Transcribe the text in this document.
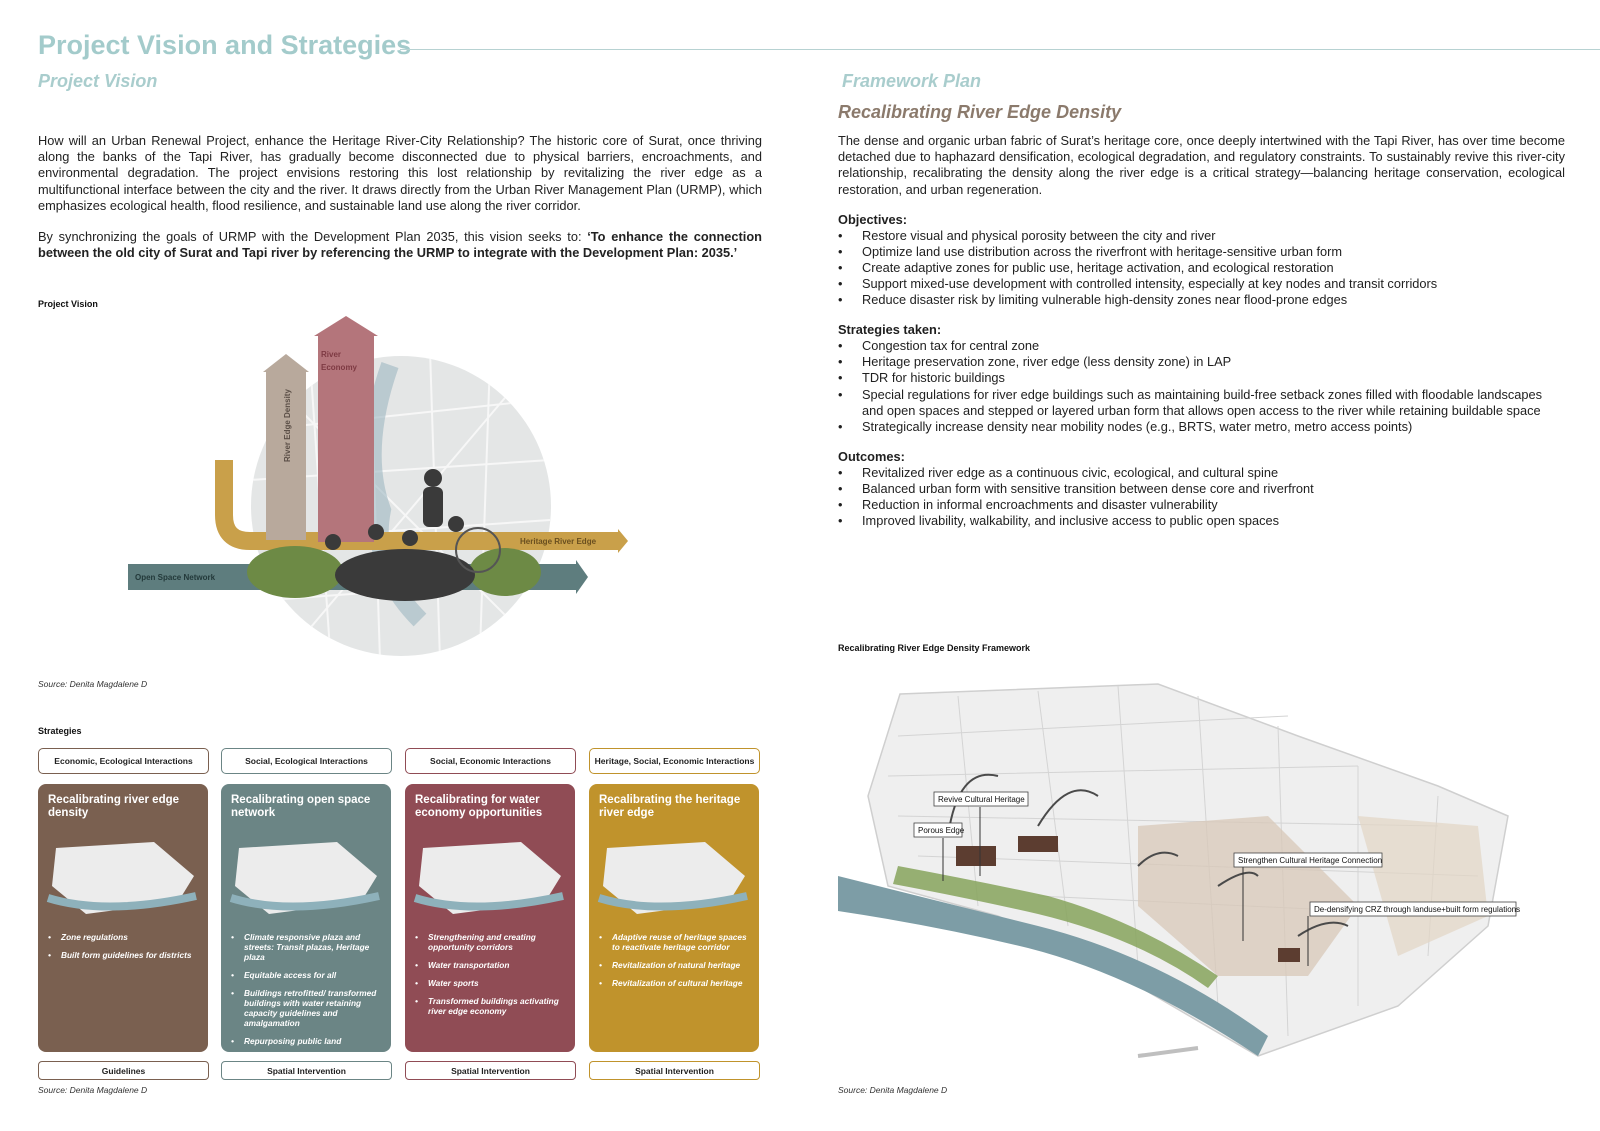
Project Vision and Strategies
Project Vision
How will an Urban Renewal Project, enhance the Heritage River-City Relationship? The historic core of Surat, once thriving along the banks of the Tapi River, has gradually become disconnected due to physical barriers, encroachments, and environmental degradation. The project envisions restoring this lost relationship by revitalizing the river edge as a multifunctional interface between the city and the river. It draws directly from the Urban River Management Plan (URMP), which emphasizes ecological health, flood resilience, and sustainable land use along the river corridor.
By synchronizing the goals of URMP with the Development Plan 2035, this vision seeks to: ‘To enhance the connection between the old city of Surat and Tapi river by referencing the URMP to integrate with the Development Plan: 2035.’
Project Vision
River Edge Density
River
Economy
Heritage River Edge
Open Space Network
Source: Denita Magdalene D
Strategies
Economic, Ecological Interactions	Social, Ecological Interactions	Social, Economic Interactions	Heritage, Social, Economic Interactions
Recalibrating river edge density
• Zone regulations
• Built form guidelines for districts
Recalibrating open space network
• Climate responsive plaza and streets: Transit plazas, Heritage plaza
• Equitable access for all
• Buildings retrofitted/ transformed buildings with water retaining capacity guidelines and amalgamation
• Repurposing public land
Recalibrating for water economy opportunities
• Strengthening and creating opportunity corridors
• Water transportation
• Water sports
• Transformed buildings activating river edge economy
Recalibrating the heritage river edge
• Adaptive reuse of heritage spaces to reactivate heritage corridor
• Revitalization of natural heritage
• Revitalization of cultural heritage
Guidelines	Spatial Intervention	Spatial Intervention	Spatial Intervention
Source: Denita Magdalene D
Framework Plan
Recalibrating River Edge Density
The dense and organic urban fabric of Surat’s heritage core, once deeply intertwined with the Tapi River, has over time become detached due to haphazard densification, ecological degradation, and regulatory constraints. To sustainably revive this river-city relationship, recalibrating the density along the river edge is a critical strategy—balancing heritage conservation, ecological restoration, and urban regeneration.
Objectives:
• Restore visual and physical porosity between the city and river
• Optimize land use distribution across the riverfront with heritage-sensitive urban form
• Create adaptive zones for public use, heritage activation, and ecological restoration
• Support mixed-use development with controlled intensity, especially at key nodes and transit corridors
• Reduce disaster risk by limiting vulnerable high-density zones near flood-prone edges
Strategies taken:
• Congestion tax for central zone
• Heritage preservation zone, river edge (less density zone) in LAP
• TDR for historic buildings
• Special regulations for river edge buildings such as maintaining build-free setback zones filled with floodable landscapes and open spaces and stepped or layered urban form that allows open access to the river while retaining buildable space
• Strategically increase density near mobility nodes (e.g., BRTS, water metro, metro access points)
Outcomes:
• Revitalized river edge as a continuous civic, ecological, and cultural spine
• Balanced urban form with sensitive transition between dense core and riverfront
• Reduction in informal encroachments and disaster vulnerability
• Improved livability, walkability, and inclusive access to public open spaces
Recalibrating River Edge Density Framework
Revive Cultural Heritage
Porous Edge
Strengthen Cultural Heritage Connection
De-densifying CRZ through landuse+built form regulations
Source: Denita Magdalene D
